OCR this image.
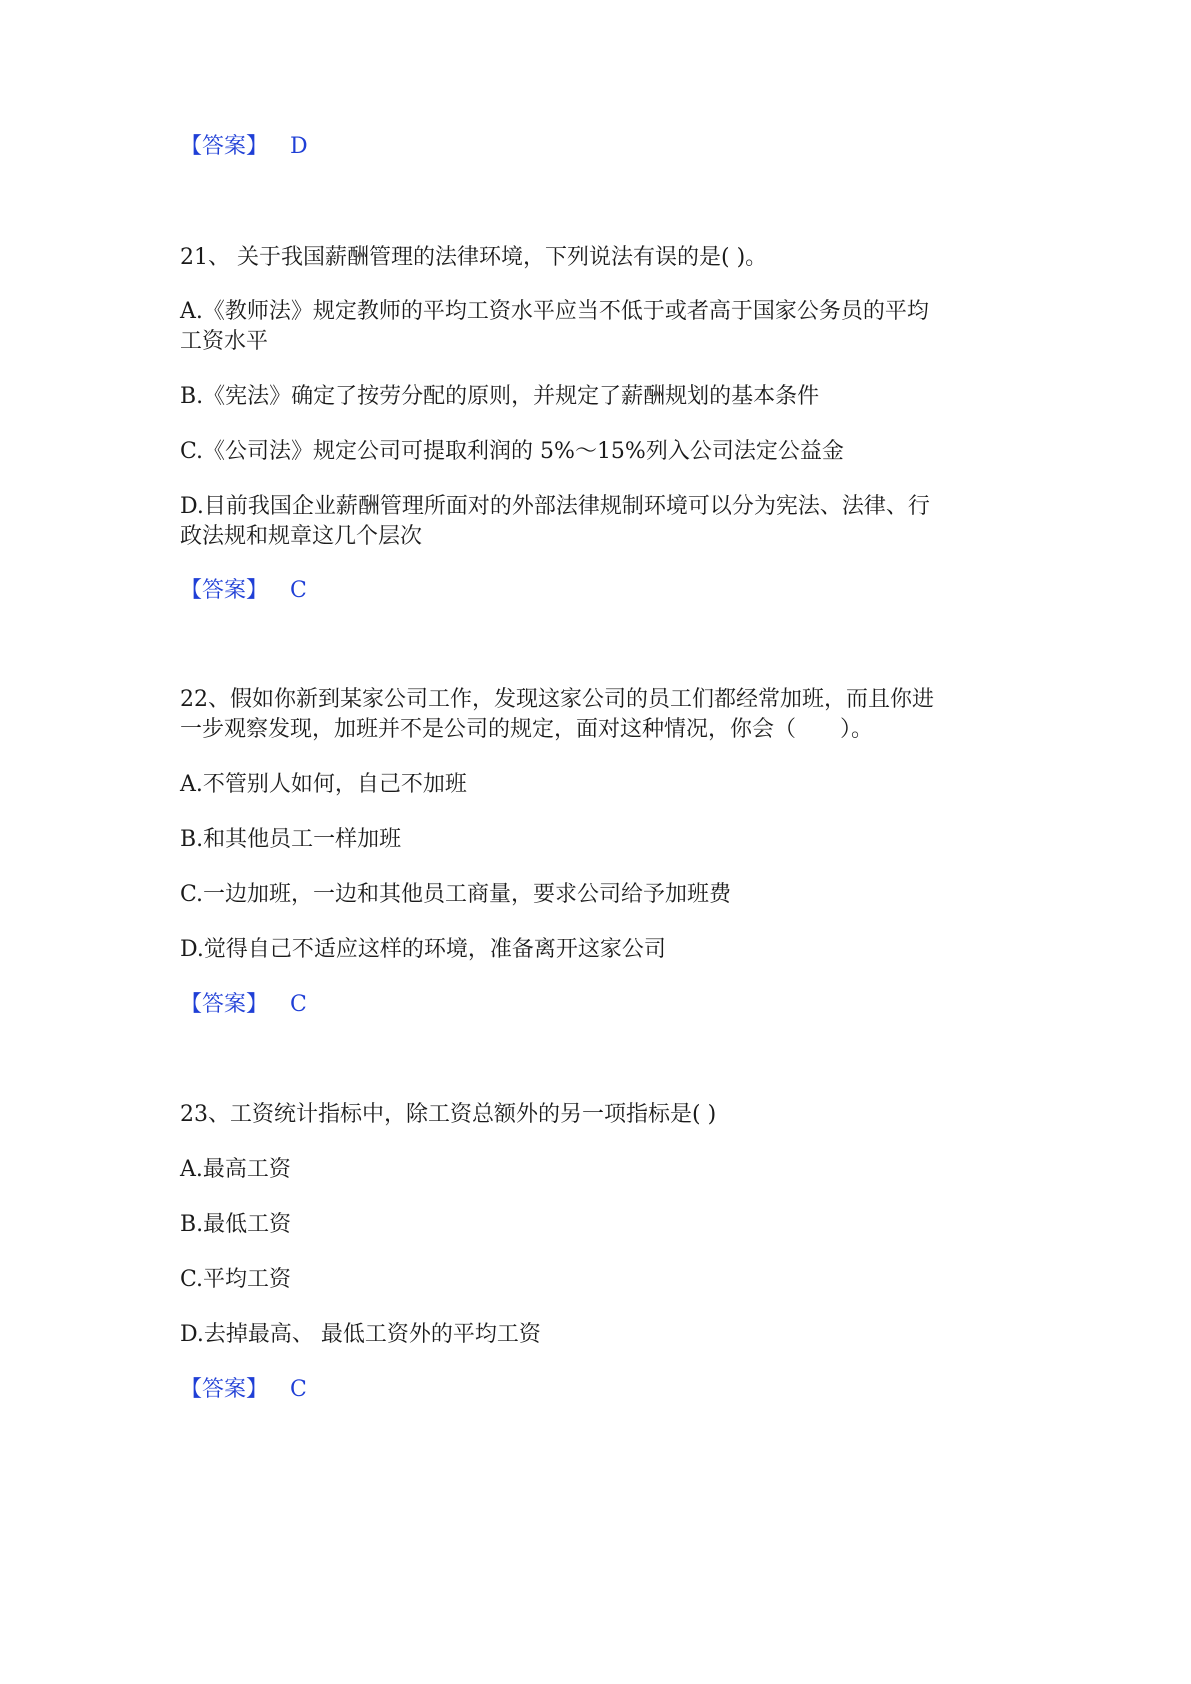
【答案】 D
21、 关于我国薪酬管理的法律环境，下列说法有误的是( )。
A.《教师法》规定教师的平均工资水平应当不低于或者高于国家公务员的平均
工资水平
B.《宪法》确定了按劳分配的原则，并规定了薪酬规划的基本条件
C.《公司法》规定公司可提取利润的 5%～15%列入公司法定公益金
D.目前我国企业薪酬管理所面对的外部法律规制环境可以分为宪法、法律、行
政法规和规章这几个层次
【答案】 C
22、假如你新到某家公司工作，发现这家公司的员工们都经常加班，而且你进
一步观察发现，加班并不是公司的规定，面对这种情况，你会（　　）。
A.不管别人如何，自己不加班
B.和其他员工一样加班
C.一边加班，一边和其他员工商量，要求公司给予加班费
D.觉得自己不适应这样的环境，准备离开这家公司
【答案】 C
23、工资统计指标中，除工资总额外的另一项指标是( )
A.最高工资
B.最低工资
C.平均工资
D.去掉最高、 最低工资外的平均工资
【答案】 C
